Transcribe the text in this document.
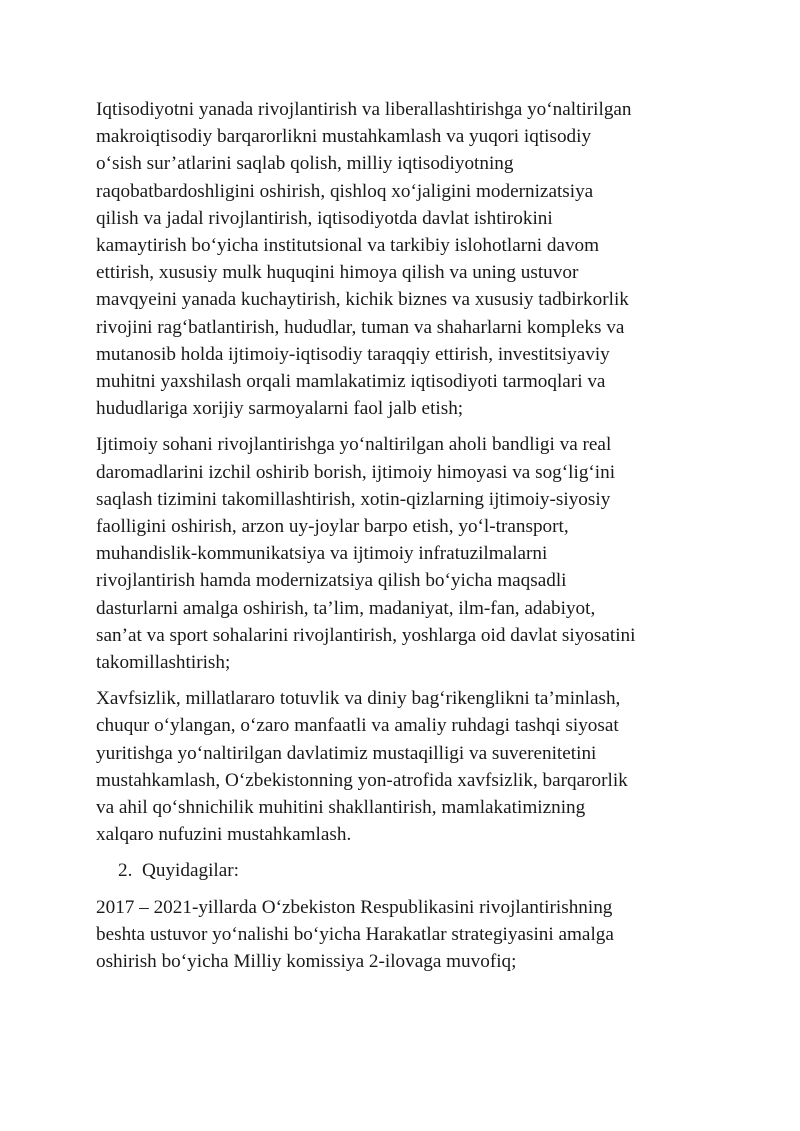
Iqtisodiyotni yanada rivojlantirish va liberallashtirishga yo‘naltirilgan
makroiqtisodiy barqarorlikni mustahkamlash va yuqori iqtisodiy
o‘sish sur’atlarini saqlab qolish, milliy iqtisodiyotning
raqobatbardoshligini oshirish, qishloq xo‘jaligini modernizatsiya
qilish va jadal rivojlantirish, iqtisodiyotda davlat ishtirokini
kamaytirish bo‘yicha institutsional va tarkibiy islohotlarni davom
ettirish, xususiy mulk huquqini himoya qilish va uning ustuvor
mavqyeini yanada kuchaytirish, kichik biznes va xususiy tadbirkorlik
rivojini rag‘batlantirish, hududlar, tuman va shaharlarni kompleks va
mutanosib holda ijtimoiy-iqtisodiy taraqqiy ettirish, investitsiyaviy
muhitni yaxshilash orqali mamlakatimiz iqtisodiyoti tarmoqlari va
hududlariga xorijiy sarmoyalarni faol jalb etish;
Ijtimoiy sohani rivojlantirishga yo‘naltirilgan aholi bandligi va real
daromadlarini izchil oshirib borish, ijtimoiy himoyasi va sog‘lig‘ini
saqlash tizimini takomillashtirish, xotin-qizlarning ijtimoiy-siyosiy
faolligini oshirish, arzon uy-joylar barpo etish, yo‘l-transport,
muhandislik-kommunikatsiya va ijtimoiy infratuzilmalarni
rivojlantirish hamda modernizatsiya qilish bo‘yicha maqsadli
dasturlarni amalga oshirish, ta’lim, madaniyat, ilm-fan, adabiyot,
san’at va sport sohalarini rivojlantirish, yoshlarga oid davlat siyosatini
takomillashtirish;
Xavfsizlik, millatlararo totuvlik va diniy bag‘rikenglikni ta’minlash,
chuqur o‘ylangan, o‘zaro manfaatli va amaliy ruhdagi tashqi siyosat
yuritishga yo‘naltirilgan davlatimiz mustaqilligi va suverenitetini
mustahkamlash, O‘zbekistonning yon-atrofida xavfsizlik, barqarorlik
va ahil qo‘shnichilik muhitini shakllantirish, mamlakatimizning
xalqaro nufuzini mustahkamlash.
2. Quyidagilar:
2017 – 2021-yillarda O‘zbekiston Respublikasini rivojlantirishning
beshta ustuvor yo‘nalishi bo‘yicha Harakatlar strategiyasini amalga
oshirish bo‘yicha Milliy komissiya 2-ilovaga muvofiq;
